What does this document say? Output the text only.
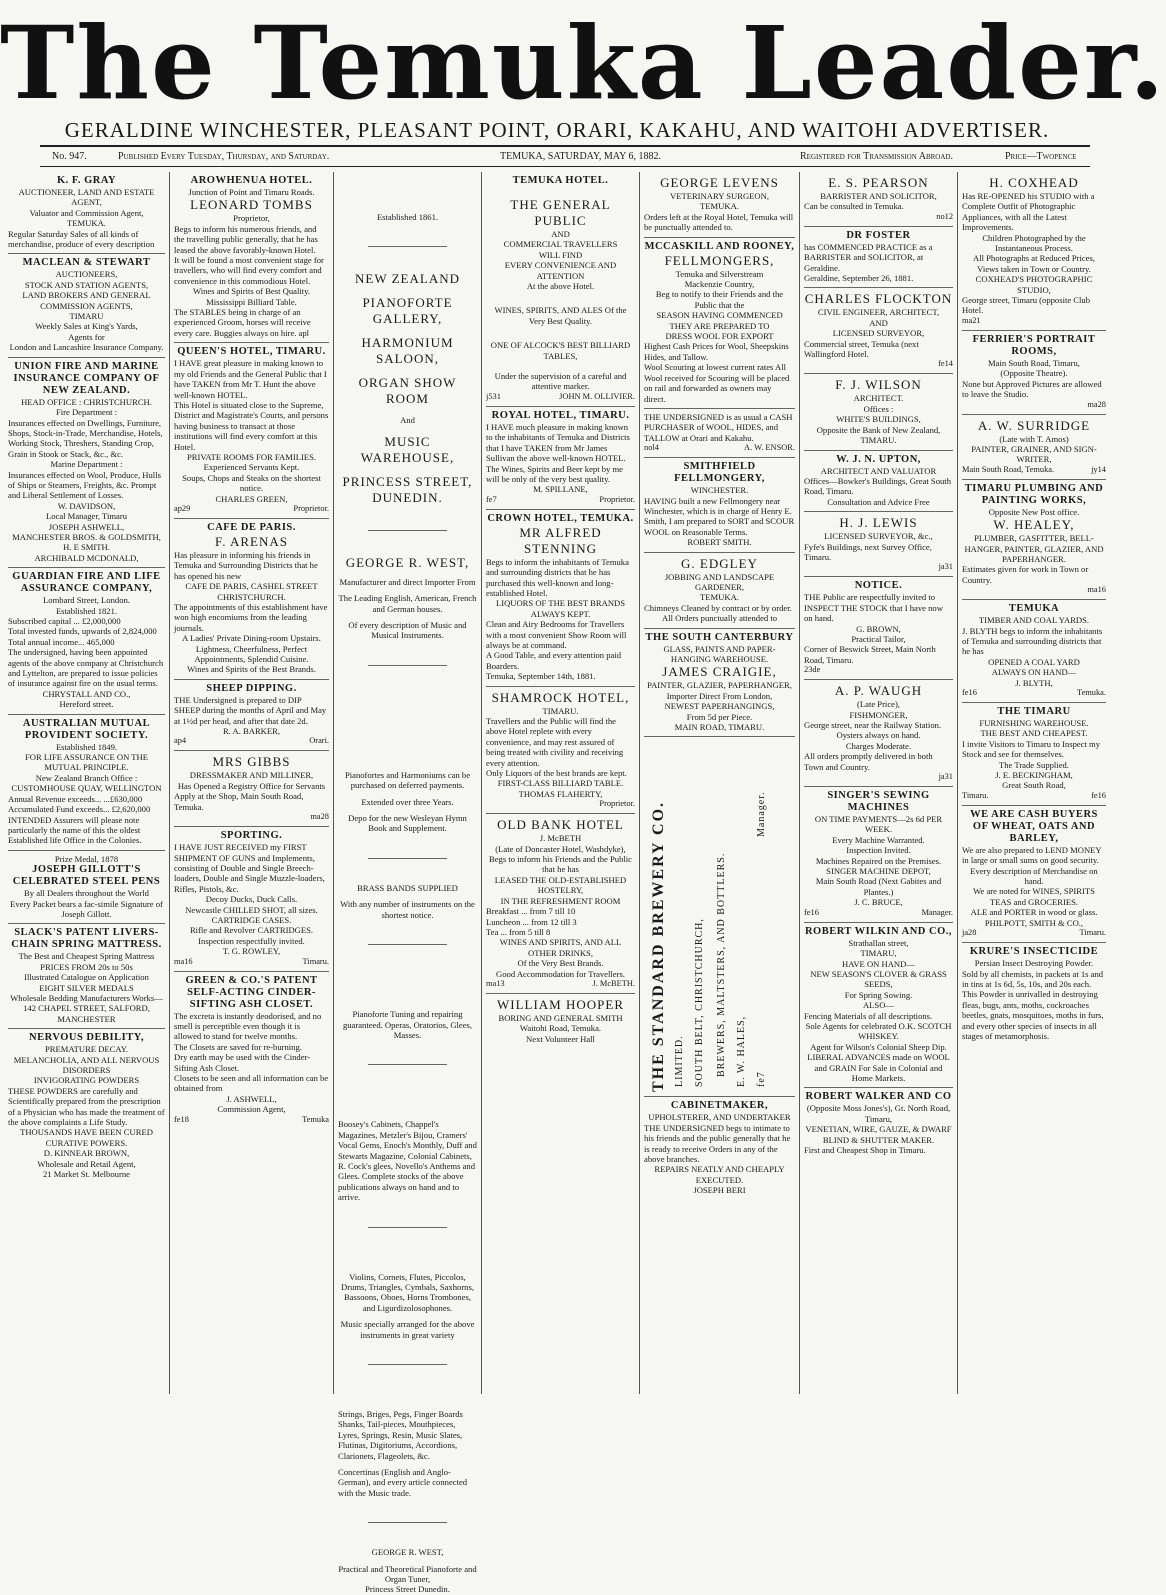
The Temuka Leader.
GERALDINE WINCHESTER, PLEASANT POINT, ORARI, KAKAHU, AND WAITOHI ADVERTISER.
No. 947.	Published Every Tuesday, Thursday, and Saturday.	TEMUKA, SATURDAY, MAY 6, 1882.	Registered for Transmission Abroad.	Price—Twopence
K. F. GRAY
AUCTIONEER, LAND AND ESTATE AGENT,
Valuator and Commission Agent,
TEMUKA.
Regular Saturday Sales of all kinds of merchandise, produce of every description
MACLEAN & STEWART
AUCTIONEERS,
STOCK AND STATION AGENTS,
LAND BROKERS AND GENERAL
COMMISSION AGENTS,
TIMARU
Weekly Sales at King's Yards,
Agents for
London and Lancashire Insurance Company.
UNION FIRE AND MARINE INSURANCE COMPANY OF NEW ZEALAND.
HEAD OFFICE : CHRISTCHURCH.
Fire Department :
Insurances effected on Dwellings, Furniture, Shops, Stock-in-Trade, Merchandise, Hotels, Working Stock, Threshers, Standing Crop, Grain in Stook or Stack, &c., &c.
Marine Department :
Insurances effected on Wool, Produce, Hulls of Ships or Steamers, Freights, &c. Prompt and Liberal Settlement of Losses.
W. DAVIDSON,
Local Manager, Timaru
JOSEPH ASHWELL,
MANCHESTER BROS. & GOLDSMITH,
H. E SMITH.
ARCHIBALD MCDONALD,
GUARDIAN FIRE AND LIFE ASSURANCE COMPANY,
Lombard Street, London.
Established 1821.
Subscribed capital ... £2,000,000
Total invested funds, upwards of 2,824,000
Total annual income... 465,000
The undersigned, having been appointed agents of the above company at Christchurch and Lyttelton, are prepared to issue policies of insurance against fire on the usual terms.
CHRYSTALL AND CO.,
Hereford street.
AUSTRALIAN MUTUAL PROVIDENT SOCIETY.
Established 1849.
FOR LIFE ASSURANCE ON THE MUTUAL PRINCIPLE.
New Zealand Branch Office : CUSTOMHOUSE QUAY, WELLINGTON
Annual Revenue exceeds... ...£630,000
Accumulated Fund exceeds... £2,620,000
INTENDED Assurers will please note particularly the name of this the oldest Established life Office in the Colonies.
Prize Medal, 1878
JOSEPH GILLOTT'S CELEBRATED STEEL PENS
By all Dealers throughout the World
Every Packet bears a fac-simile Signature of Joseph Gillott.
SLACK'S PATENT LIVERS-CHAIN SPRING MATTRESS.
The Best and Cheapest Spring Mattress
PRICES FROM 20s to 50s
Illustrated Catalogue on Application
EIGHT SILVER MEDALS
Wholesale Bedding Manufacturers Works—
142 CHAPEL STREET, SALFORD, MANCHESTER
NERVOUS DEBILITY,
PREMATURE DECAY.
MELANCHOLIA, AND ALL NERVOUS DISORDERS
INVIGORATING POWDERS
THESE POWDERS are carefully and Scientifically prepared from the prescription of a Physician who has made the treatment of the above complaints a Life Study.
THOUSANDS HAVE BEEN CURED
CURATIVE POWERS.
D. KINNEAR BROWN,
Wholesale and Retail Agent,
21 Market St. Melbourne
AROWHENUA HOTEL.
Junction of Point and Timaru Roads.
LEONARD TOMBS
Proprietor,
Begs to inform his numerous friends, and the travelling public generally, that he has leased the above favorably-known Hotel.
It will be found a most convenient stage for travellers, who will find every comfort and convenience in this commodious Hotel.
Wines and Spirits of Best Quality.
Mississippi Billiard Table.
The STABLES being in charge of an experienced Groom, horses will receive every care. Buggies always on hire. apl
QUEEN'S HOTEL, TIMARU.
I HAVE great pleasure in making known to my old Friends and the General Public that I have TAKEN from Mr T. Hunt the above well-known HOTEL.
This Hotel is situated close to the Supreme, District and Magistrate's Courts, and persons having business to transact at those institutions will find every comfort at this Hotel.
PRIVATE ROOMS FOR FAMILIES.
Experienced Servants Kept.
Soups, Chops and Steaks on the shortest notice.
CHARLES GREEN,
ap29	Proprietor.
CAFE DE PARIS.
F. ARENAS
Has pleasure in informing his friends in Temuka and Surrounding Districts that he has opened his new
CAFE DE PARIS, CASHEL STREET CHRISTCHURCH.
The appointments of this establishment have won high encomiums from the leading journals.
A Ladies' Private Dining-room Upstairs.
Lightness, Cheerfulness, Perfect Appointments, Splendid Cuisine.
Wines and Spirits of the Best Brands.
SHEEP DIPPING.
THE Undersigned is prepared to DIP SHEEP during the months of April and May at 1½d per head, and after that date 2d.
R. A. BARKER,
ap4	Orari.
MRS GIBBS
DRESSMAKER AND MILLINER,
Has Opened a Registry Office for Servants
Apply at the Shop, Main South Road, Temuka.
ma28
SPORTING.
I HAVE JUST RECEIVED my FIRST SHIPMENT OF GUNS and Implements, consisting of Double and Single Breech-loaders, Double and Single Muzzle-loaders, Rifles, Pistols, &c.
Decoy Ducks, Duck Calls.
Newcastle CHILLED SHOT, all sizes.
CARTRIDGE CASES.
Rifle and Revolver CARTRIDGES.
Inspection respectfully invited.
T. G. ROWLEY,
ma16	Timaru.
GREEN & CO.'S PATENT SELF-ACTING CINDER-SIFTING ASH CLOSET.
The excreta is instantly deodorised, and no smell is perceptible even though it is allowed to stand for twelve months.
The Closets are saved for re-burning.
Dry earth may be used with the Cinder-Sifting Ash Closet.
Closets to be seen and all information can be obtained from
J. ASHWELL,
Commission Agent,
fe18	Temuka
Established 1861.
NEW ZEALAND
PIANOFORTE GALLERY,
HARMONIUM SALOON,
ORGAN SHOW ROOM
And
MUSIC WAREHOUSE,
PRINCESS STREET, DUNEDIN.
GEORGE R. WEST,
Manufacturer and direct Importer From
The Leading English, American, French and German houses.
Of every description of Music and Musical Instruments.
Pianofortes and Harmoniums can be purchased on deferred payments.
Extended over three Years.
Depo for the new Wesleyan Hymn Book and Supplement.
BRASS BANDS SUPPLIED
With any number of instruments on the shortest notice.
Pianoforte Tuning and repairing guaranteed. Operas, Oratorios, Glees, Masses.
Boosey's Cabinets, Chappel's Magazines, Metzler's Bijou, Cramers' Vocal Gems, Enoch's Monthly, Duff and Stewarts Magazine, Colonial Cabinets, R. Cock's glees, Novello's Anthems and Glees. Complete stocks of the above publications always on hand and to arrive.
Violins, Cornets, Flutes, Piccolos, Drums, Triangles, Cymbals, Saxhorns, Bassoons, Oboes, Horns Trombones, and Ligurdizolosophones.
Music specially arranged for the above instruments in great variety
Strings, Briges, Pegs, Finger Boards Shanks, Tail-pieces, Mouthpieces, Lyres, Springs, Resin, Music Slates, Flutinas, Digitoriums, Accordions, Clarionets, Flageolets, &c.
Concertinas (English and Anglo-German), and every article connected with the Music trade.
GEORGE R. WEST,
Practical and Theoretical Pianoforte and Organ Tuner,
Princess Street Dunedin.
TEMUKA HOTEL.
THE GENERAL PUBLIC
AND
COMMERCIAL TRAVELLERS
WILL FIND
EVERY CONVENIENCE AND ATTENTION
At the above Hotel.
WINES, SPIRITS, AND ALES Of the Very Best Quality.
ONE OF ALCOCK'S BEST BILLIARD TABLES,
Under the supervision of a careful and attentive marker.
j531	JOHN M. OLLIVIER.
ROYAL HOTEL, TIMARU.
I HAVE much pleasure in making known to the inhabitants of Temuka and Districts that I have TAKEN from Mr James Sullivan the above well-known HOTEL.
The Wines, Spirits and Beer kept by me will be only of the very best quality.
M. SPILLANE,
fe7	Proprietor.
CROWN HOTEL, TEMUKA.
MR ALFRED STENNING
Begs to inform the inhabitants of Temuka and surrounding districts that he has purchased this well-known and long-established Hotel.
LIQUORS OF THE BEST BRANDS ALWAYS KEPT.
Clean and Airy Bedrooms for Travellers with a most convenient Show Room will always be at command.
A Good Table, and every attention paid Boarders.
Temuka, September 14th, 1881.
SHAMROCK HOTEL,
TIMARU.
Travellers and the Public will find the above Hotel replete with every convenience, and may rest assured of being treated with civility and receiving every attention.
Only Liquors of the best brands are kept.
FIRST-CLASS BILLIARD TABLE.
THOMAS FLAHERTY,
Proprietor.
OLD BANK HOTEL
J. McBETH
(Late of Doncaster Hotel, Washdyke),
Begs to inform his Friends and the Public that he has
LEASED THE OLD-ESTABLISHED HOSTELRY,
IN THE REFRESHMENT ROOM
Breakfast ... from 7 till 10
Luncheon ... from 12 till 3
Tea ... from 5 till 8
WINES AND SPIRITS, AND ALL OTHER DRINKS,
Of the Very Best Brands.
Good Accommodation for Travellers.
ma13	J. McBETH.
WILLIAM HOOPER
BORING AND GENERAL SMITH
Waitohi Road, Temuka.
Next Volunteer Hall
GEORGE LEVENS
VETERINARY SURGEON,
TEMUKA.
Orders left at the Royal Hotel, Temuka will be punctually attended to.
MCCASKILL AND ROONEY,
FELLMONGERS,
Temuka and Silverstream
Mackenzie Country,
Beg to notify to their Friends and the Public that the
SEASON HAVING COMMENCED
THEY ARE PREPARED TO
DRESS WOOL FOR EXPORT
Highest Cash Prices for Wool, Sheepskins Hides, and Tallow.
Wool Scouring at lowest current rates All Wool received for Scouring will be placed on rail and forwarded as owners may direct.
THE UNDERSIGNED is as usual a CASH PURCHASER of WOOL, HIDES, and TALLOW at Orari and Kakahu.
nol4	A. W. ENSOR.
SMITHFIELD FELLMONGERY,
WINCHESTER.
HAVING built a new Fellmongery near Winchester, which is in charge of Henry E. Smith, I am prepared to SORT and SCOUR WOOL on Reasonable Terms.
ROBERT SMITH.
G. EDGLEY
JOBBING AND LANDSCAPE GARDENER,
TEMUKA.
Chimneys Cleaned by contract or by order.
All Orders punctually attended to
THE SOUTH CANTERBURY
GLASS, PAINTS AND PAPER-HANGING WAREHOUSE.
JAMES CRAIGIE,
PAINTER, GLAZIER, PAPERHANGER,
Importer Direct From London,
NEWEST PAPERHANGINGS,
From 5d per Piece.
MAIN ROAD, TIMARU.
THE STANDARD BREWERY CO. LIMITED. SOUTH BELT, CHRISTCHURCH, BREWERS, MALTSTERS, AND BOTTLERS. E. W. HALES,
Manager.
fe7
CABINETMAKER,
UPHOLSTERER, AND UNDERTAKER
THE UNDERSIGNED begs to intimate to his friends and the public generally that he is ready to receive Orders in any of the above branches.
REPAIRS NEATLY AND CHEAPLY EXECUTED.
JOSEPH BERI
E. S. PEARSON
BARRISTER AND SOLICITOR,
Can be consulted in Temuka.
no12
DR FOSTER
has COMMENCED PRACTICE as a BARRISTER and SOLICITOR, at Geraldine.
Geraldine, September 26, 1881.
CHARLES FLOCKTON
CIVIL ENGINEER, ARCHITECT,
AND
LICENSED SURVEYOR,
Commercial street, Temuka (next Wallingford Hotel.
fe14
F. J. WILSON
ARCHITECT.
Offices :
WHITE'S BUILDINGS,
Opposite the Bank of New Zealand, TIMARU.
W. J. N. UPTON,
ARCHITECT AND VALUATOR
Offices—Bowker's Buildings, Great South Road, Timaru.
Consultation and Advice Free
H. J. LEWIS
LICENSED SURVEYOR, &c.,
Fyfe's Buildings, next Survey Office, Timaru.
ja31
NOTICE.
THE Public are respectfully invited to INSPECT THE STOCK that I have now on hand.
G. BROWN,
Practical Tailor,
Corner of Beswick Street, Main North Road, Timaru.
23de
A. P. WAUGH
(Late Price),
FISHMONGER,
George street, near the Railway Station.
Oysters always on hand.
Charges Moderate.
All orders promptly delivered in both Town and Country.
ja31
SINGER'S SEWING MACHINES
ON TIME PAYMENTS—2s 6d PER WEEK.
Every Machine Warranted.
Inspection Invited.
Machines Repaired on the Premises.
SINGER MACHINE DEPOT,
Main South Road (Next Gabites and Plantes.)
J. C. BRUCE,
fe16	Manager.
ROBERT WILKIN AND CO.,
Strathallan street,
TIMARU,
HAVE ON HAND—
NEW SEASON'S CLOVER & GRASS SEEDS,
For Spring Sowing.
ALSO—
Fencing Materials of all descriptions.
Sole Agents for celebrated O.K. SCOTCH WHISKEY.
Agent for Wilson's Colonial Sheep Dip.
LIBERAL ADVANCES made on WOOL and GRAIN For Sale in Colonial and Home Markets.
ROBERT WALKER AND CO
(Opposite Moss Jones's), Gt. North Road, Timaru,
VENETIAN, WIRE, GAUZE, & DWARF BLIND & SHUTTER MAKER.
First and Cheapest Shop in Timaru.
H. COXHEAD
Has RE-OPENED his STUDIO with a Complete Outfit of Photographic Appliances, with all the Latest Improvements.
Children Photographed by the Instantaneous Process.
All Photographs at Reduced Prices,
Views taken in Town or Country.
COXHEAD'S PHOTOGRAPHIC STUDIO,
George street, Timaru (opposite Club Hotel.
ma21
FERRIER'S PORTRAIT ROOMS,
Main South Road, Timaru,
(Opposite Theatre).
None but Approved Pictures are allowed to leave the Studio.
ma28
A. W. SURRIDGE
(Late with T. Amos)
PAINTER, GRAINER, AND SIGN-WRITER,
Main South Road, Temuka.	jy14
TIMARU PLUMBING AND PAINTING WORKS,
Opposite New Post office.
W. HEALEY,
PLUMBER, GASFITTER, BELL-HANGER, PAINTER, GLAZIER, AND PAPERHANGER.
Estimates given for work in Town or Country.
ma16
TEMUKA
TIMBER AND COAL YARDS.
J. BLYTH begs to inform the inhabitants of Temuka and surrounding districts that he has
OPENED A COAL YARD
ALWAYS ON HAND—
J. BLYTH,
fe16	Temuka.
THE TIMARU
FURNISHING WAREHOUSE.
THE BEST AND CHEAPEST.
I invite Visitors to Timaru to Inspect my Stock and see for themselves.
The Trade Supplied.
J. E. BECKINGHAM,
Great South Road,
Timaru.	fe16
WE ARE CASH BUYERS OF WHEAT, OATS AND BARLEY,
We are also prepared to LEND MONEY in large or small sums on good security.
Every description of Merchandise on hand.
We are noted for WINES, SPIRITS TEAS and GROCERIES.
ALE and PORTER in wood or glass.
PHILPOTT, SMITH & CO.,
ja28	Timaru.
KRURE'S INSECTICIDE
Persian Insect Destroying Powder.
Sold by all chemists, in packets at 1s and in tins at 1s 6d, 5s, 10s, and 20s each.
This Powder is unrivalled in destroying fleas, bugs, ants, moths, cockroaches beetles, gnats, mosquitoes, moths in furs, and every other species of insects in all stages of metamorphosis.
